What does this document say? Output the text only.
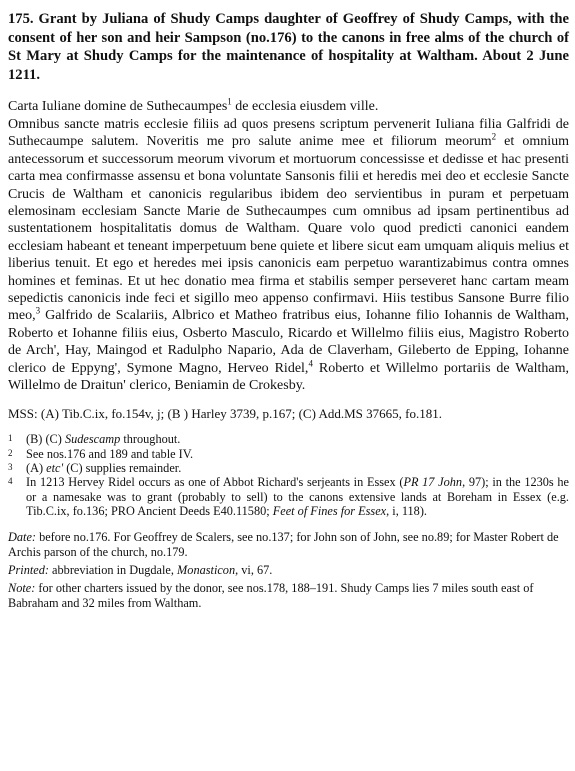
175. Grant by Juliana of Shudy Camps daughter of Geoffrey of Shudy Camps, with the consent of her son and heir Sampson (no.176) to the canons in free alms of the church of St Mary at Shudy Camps for the maintenance of hospitality at Waltham. About 2 June 1211.

Carta Iuliane domine de Suthecaumpes$^1$ de ecclesia eiusdem ville.

Omnibus sancte matris ecclesie filiis ad quos presens scriptum pervenerit Iuliana filia Galfridi de Suthecaumpe salutem. Noveritis me pro salute anime mee et filiorum meorum$^2$ et omnium antecessorum et successorum meorum vivorum et mortuorum concessisse et dedisse et hac presenti carta mea confirmasse assensu et bona voluntate Sansonis filii et heredis mei deo et ecclesie Sancte Crucis de Waltham et canonicis regularibus ibidem deo servientibus in puram et perpetuam elemosinam ecclesiam Sancte Marie de Suthecaumpes cum omnibus ad ipsam pertinentibus ad sustentationem hospitalitatis domus de Waltham. Quare volo quod predicti canonici eandem ecclesiam habeant et teneant imperpetuum bene quiete et libere sicut eam umquam aliquis melius et liberius tenuit. Et ego et heredes mei ipsis canonicis eam perpetuo warantizabimus contra omnes homines et feminas. Et ut hec donatio mea firma et stabilis semper perseveret hanc cartam meam sepedictis canonicis inde feci et sigillo meo appenso confirmavi. Hiis testibus Sansone Burre filio meo,$^3$ Galfrido de Scalariis, Albrico et Matheo fratribus eius, Iohanne filio Iohannis de Waltham, Roberto et Iohanne filiis eius, Osberto Masculo, Ricardo et Willelmo filiis eius, Magistro Roberto de Arch', Hay, Maingod et Radulpho Napario, Ada de Claverham, Gileberto de Epping, Iohanne clerico de Eppyng', Symone Magno, Herveo Ridel,$^4$ Roberto et Willelmo portariis de Waltham, Willelmo de Draitun' clerico, Beniamin de Crokesby.

MSS: (A) Tib.C.ix, fo.154v, j; (B ) Harley 3739, p.167; (C) Add.MS 37665, fo.181.

1	(B) (C) Sudescamp throughout.
2	See nos.176 and 189 and table IV.
3	(A) etc' (C) supplies remainder.
4	In 1213 Hervey Ridel occurs as one of Abbot Richard's serjeants in Essex (PR 17 John, 97); in the 1230s he or a namesake was to grant (probably to sell) to the canons extensive lands at Boreham in Essex (e.g. Tib.C.ix, fo.136; PRO Ancient Deeds E40.11580; Feet of Fines for Essex, i, 118).

Date: before no.176. For Geoffrey de Scalers, see no.137; for John son of John, see no.89; for Master Robert de Archis parson of the church, no.179.

Printed: abbreviation in Dugdale, Monasticon, vi, 67.

Note: for other charters issued by the donor, see nos.178, 188–191. Shudy Camps lies 7 miles south east of Babraham and 32 miles from Waltham.
